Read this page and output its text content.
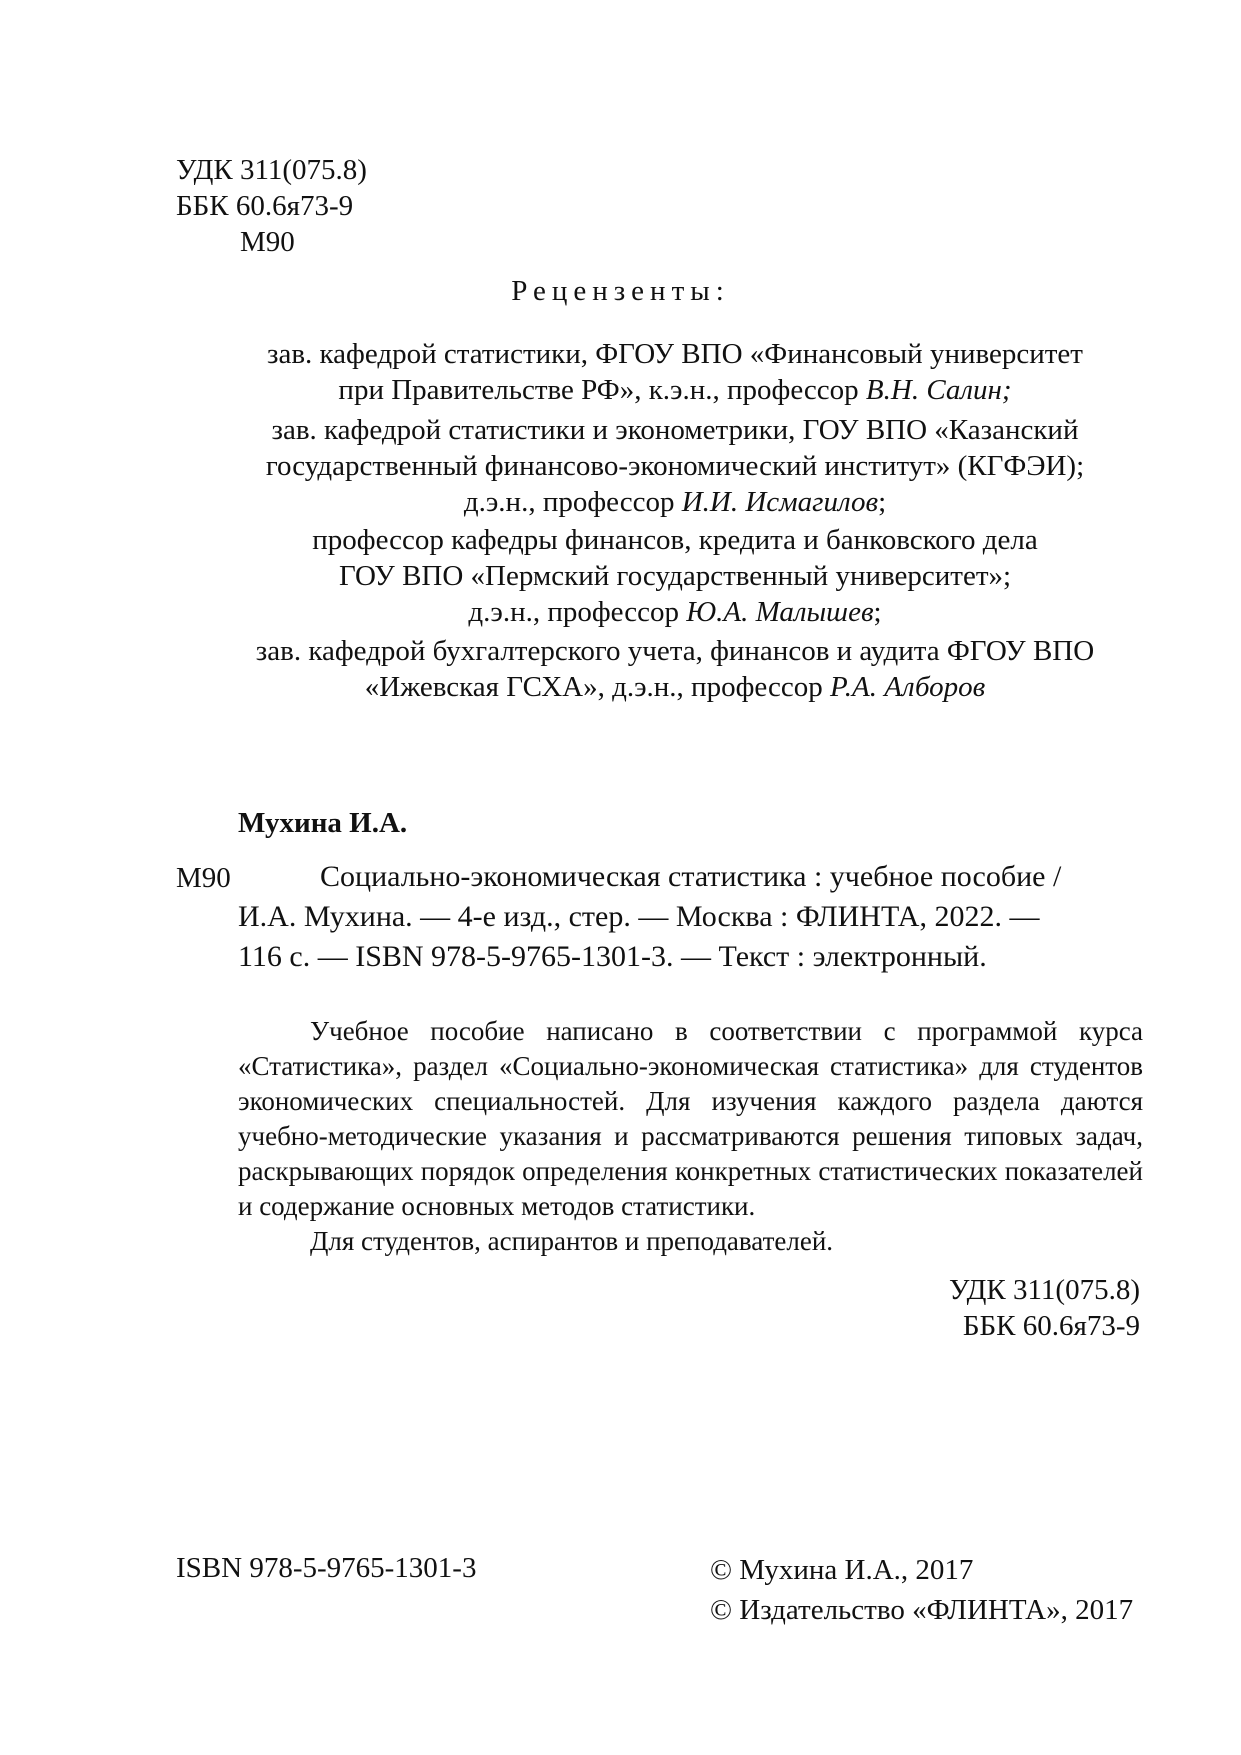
УДК 311(075.8)
ББК 60.6я73-9
М90
Рецензенты:
зав. кафедрой статистики, ФГОУ ВПО «Финансовый университет
при Правительстве РФ», к.э.н., профессор В.Н. Салин;
зав. кафедрой статистики и эконометрики, ГОУ ВПО «Казанский
государственный финансово-экономический институт» (КГФЭИ);
д.э.н., профессор И.И. Исмагилов;
профессор кафедры финансов, кредита и банковского дела
ГОУ ВПО «Пермский государственный университет»;
д.э.н., профессор Ю.А. Малышев;
зав. кафедрой бухгалтерского учета, финансов и аудита ФГОУ ВПО
«Ижевская ГСХА», д.э.н., профессор Р.А. Алборов
Мухина И.А.
М90	Социально-экономическая статистика : учебное пособие /
И.А. Мухина. — 4-е изд., стер. — Москва : ФЛИНТА, 2022. —
116 с. — ISBN 978-5-9765-1301-3. — Текст : электронный.

Учебное пособие написано в соответствии с программой курса «Статистика», раздел «Социально-экономическая статистика» для студентов экономических специальностей. Для изучения каждого раздела даются учебно-методические указания и рассматриваются решения типовых задач, раскрывающих порядок определения конкретных статистических показателей и содержание основных методов статистики.

Для студентов, аспирантов и преподавателей.

УДК 311(075.8)
ББК 60.6я73-9
ISBN 978-5-9765-1301-3	© Мухина И.А., 2017
© Издательство «ФЛИНТА», 2017
